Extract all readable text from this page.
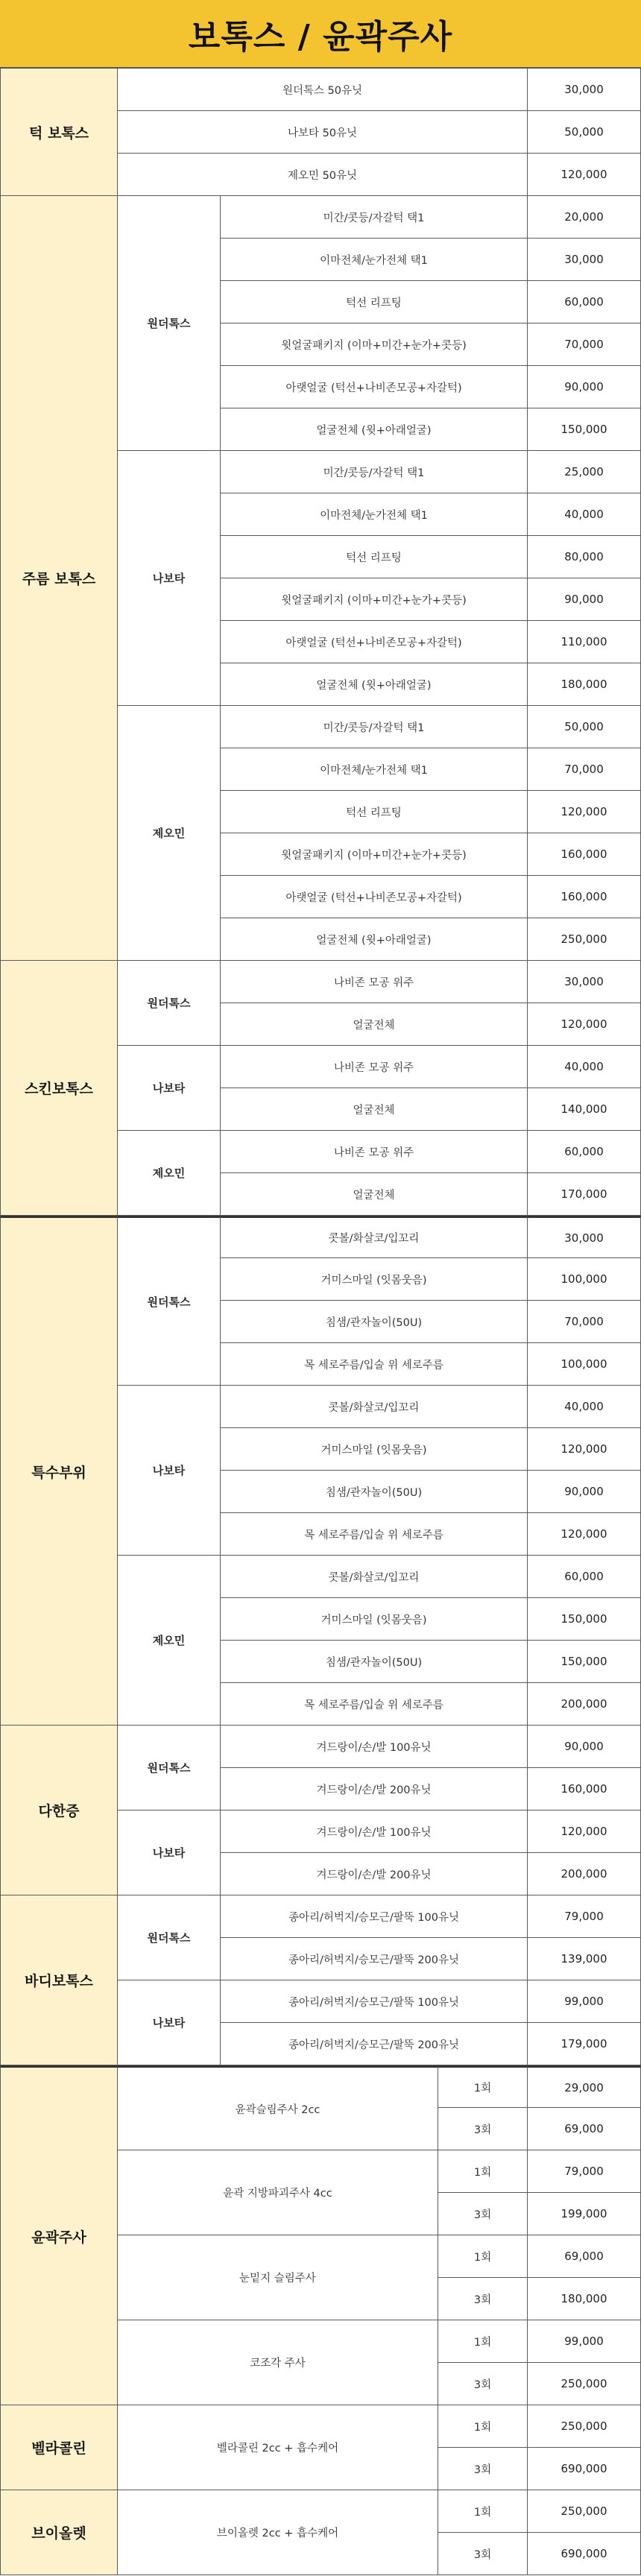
보톡스 / 윤곽주사
턱 보톡스
원더톡스 50유닛	30,000
나보타 50유닛	50,000
제오민 50유닛	120,000
주름 보톡스
원더톡스
미간/콧등/자갈턱 택1	20,000
이마전체/눈가전체 택1	30,000
턱선 리프팅	60,000
윗얼굴패키지 (이마+미간+눈가+콧등)	70,000
아랫얼굴 (턱선+나비존모공+자갈턱)	90,000
얼굴전체 (윗+아래얼굴)	150,000
나보타
미간/콧등/자갈턱 택1	25,000
이마전체/눈가전체 택1	40,000
턱선 리프팅	80,000
윗얼굴패키지 (이마+미간+눈가+콧등)	90,000
아랫얼굴 (턱선+나비존모공+자갈턱)	110,000
얼굴전체 (윗+아래얼굴)	180,000
제오민
미간/콧등/자갈턱 택1	50,000
이마전체/눈가전체 택1	70,000
턱선 리프팅	120,000
윗얼굴패키지 (이마+미간+눈가+콧등)	160,000
아랫얼굴 (턱선+나비존모공+자갈턱)	160,000
얼굴전체 (윗+아래얼굴)	250,000
스킨보톡스
원더톡스
나비존 모공 위주	30,000
얼굴전체	120,000
나보타
나비존 모공 위주	40,000
얼굴전체	140,000
제오민
나비존 모공 위주	60,000
얼굴전체	170,000
특수부위
원더톡스
콧볼/화살코/입꼬리	30,000
거미스마일 (잇몸웃음)	100,000
침샘/관자놀이(50U)	70,000
목 세로주름/입술 위 세로주름	100,000
나보타
콧볼/화살코/입꼬리	40,000
거미스마일 (잇몸웃음)	120,000
침샘/관자놀이(50U)	90,000
목 세로주름/입술 위 세로주름	120,000
제오민
콧볼/화살코/입꼬리	60,000
거미스마일 (잇몸웃음)	150,000
침샘/관자놀이(50U)	150,000
목 세로주름/입술 위 세로주름	200,000
다한증
원더톡스
겨드랑이/손/발 100유닛	90,000
겨드랑이/손/발 200유닛	160,000
나보타
겨드랑이/손/발 100유닛	120,000
겨드랑이/손/발 200유닛	200,000
바디보톡스
원더톡스
종아리/허벅지/승모근/팔뚝 100유닛	79,000
종아리/허벅지/승모근/팔뚝 200유닛	139,000
나보타
종아리/허벅지/승모근/팔뚝 100유닛	99,000
종아리/허벅지/승모근/팔뚝 200유닛	179,000
윤곽주사
윤곽슬림주사 2cc
1회	29,000
3회	69,000
윤곽 지방파괴주사 4cc
1회	79,000
3회	199,000
눈밑지 슬림주사
1회	69,000
3회	180,000
코조각 주사
1회	99,000
3회	250,000
벨라콜린	벨라콜린 2cc + 흡수케어
1회	250,000
3회	690,000
브이올렛	브이올렛 2cc + 흡수케어
1회	250,000
3회	690,000
